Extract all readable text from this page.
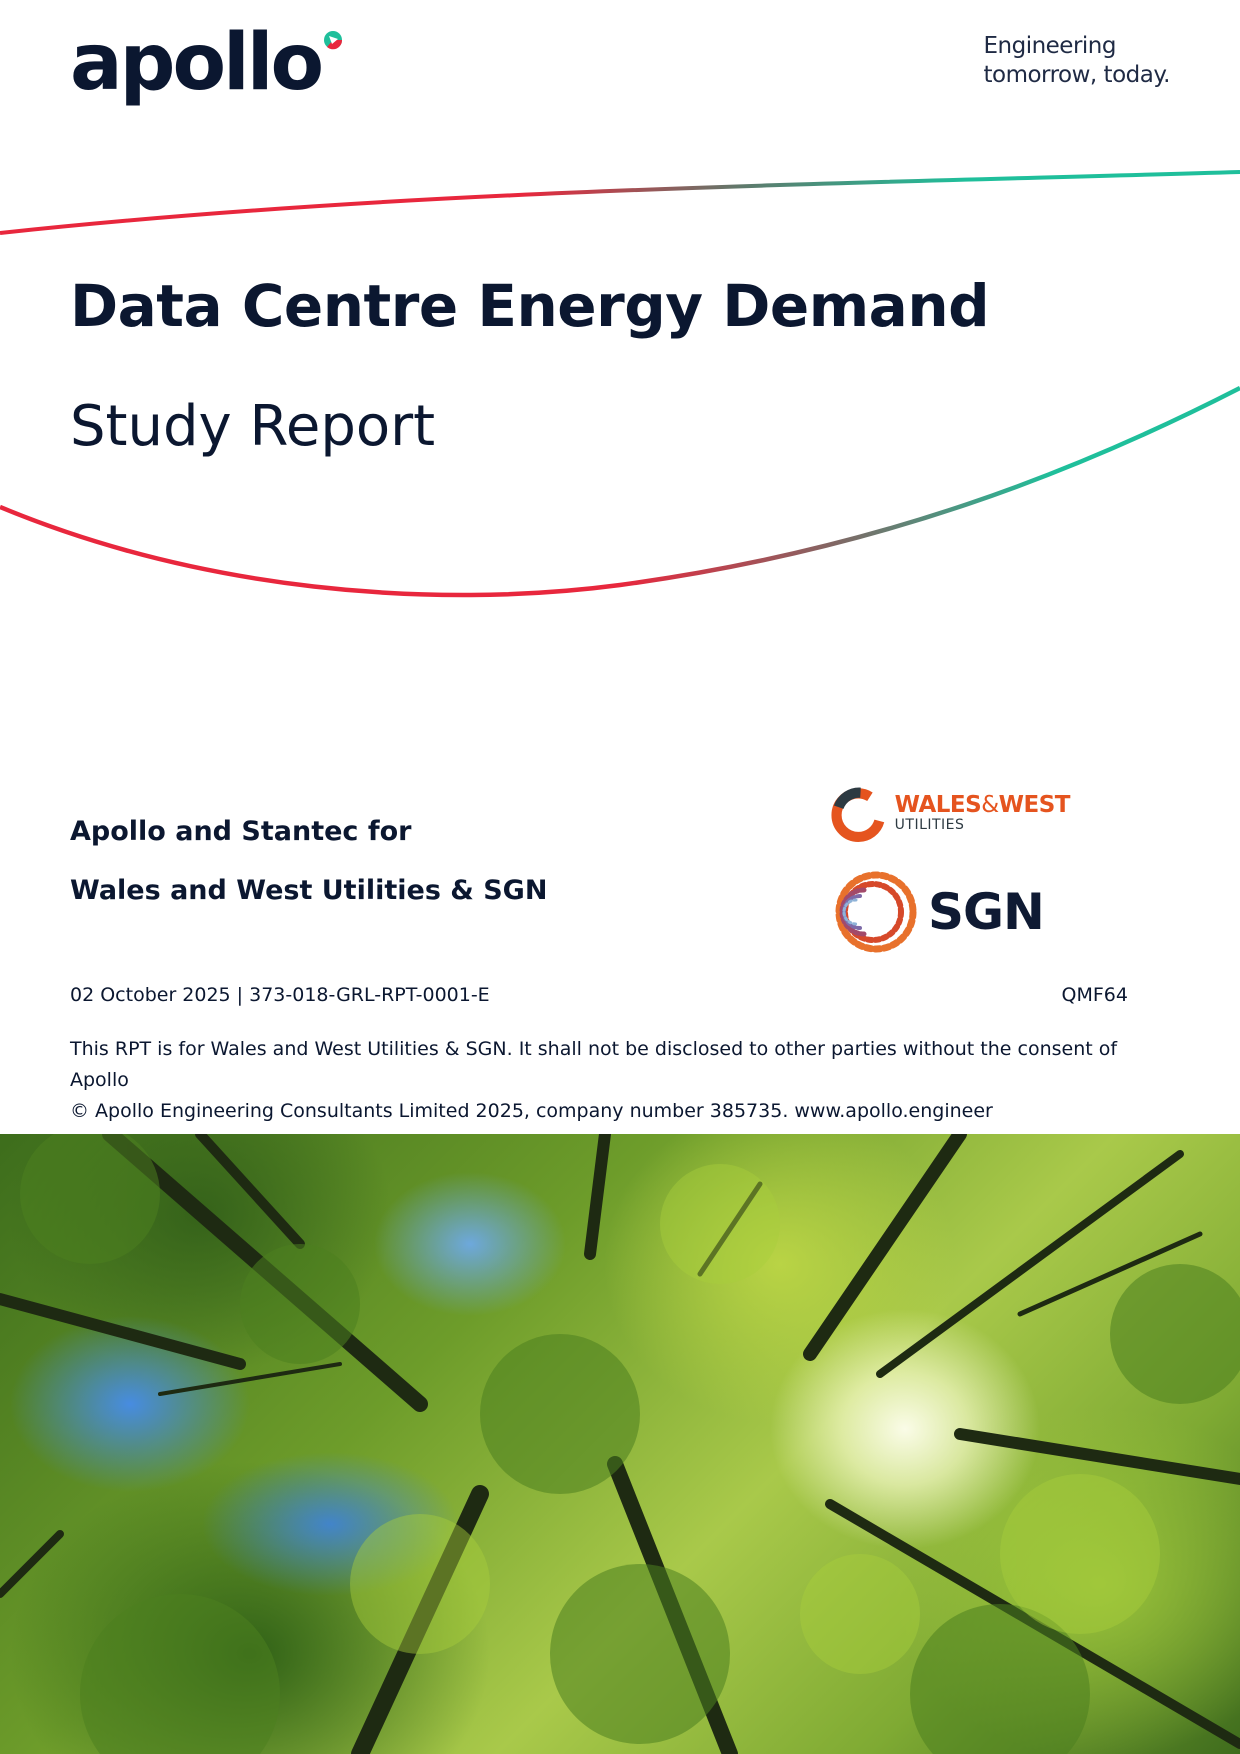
apollo	Engineering
tomorrow, today.
Data Centre Energy Demand
Study Report
Apollo and Stantec for
Wales and West Utilities & SGN
WALES&WEST
UTILITIES
SGN
02 October 2025 | 373-018-GRL-RPT-0001-E	QMF64
This RPT is for Wales and West Utilities & SGN. It shall not be disclosed to other parties without the consent of Apollo
© Apollo Engineering Consultants Limited 2025, company number 385735. www.apollo.engineer
